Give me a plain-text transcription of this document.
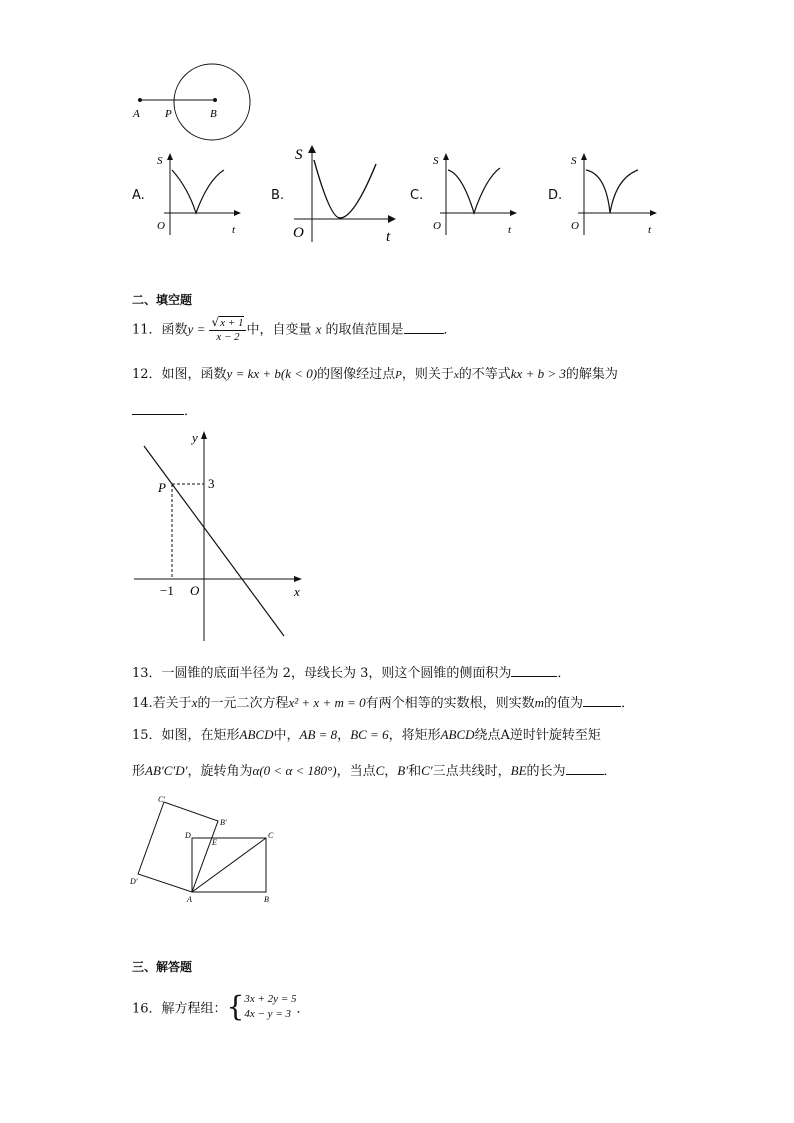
A P	B
A.
S
O	t
B.
S
O	t
C.
S
O	t
D.
S
O	t
二、填空题
11．函数$y = \frac{√x + 1}{x - 2}$ 中，自变量 x 的取值范围是	．
12．如图，函数y = kx + b(k < 0)的图像经过点P，则关于x的不等式kx + b > 3的解集为
．
y
x
O
P	3
−1
13．一圆锥的底面半径为 2，母线长为 3，则这个圆锥的侧面积为	．
14.若关于x的一元二次方程x² + x + m = 0有两个相等的实数根，则实数m的值为	．
15．如图，在矩形ABCD中，AB = 8，BC = 6，将矩形ABCD绕点A逆时针旋转至矩
形AB′C′D′，旋转角为α(0 < α < 180°)，当点C，B′和C′三点共线时，BE的长为	．
A	B
C
D
E
B′
C′
D′
三、解答题
16．解方程组：{ 3x + 2y = 5
4x − y = 3 ．
